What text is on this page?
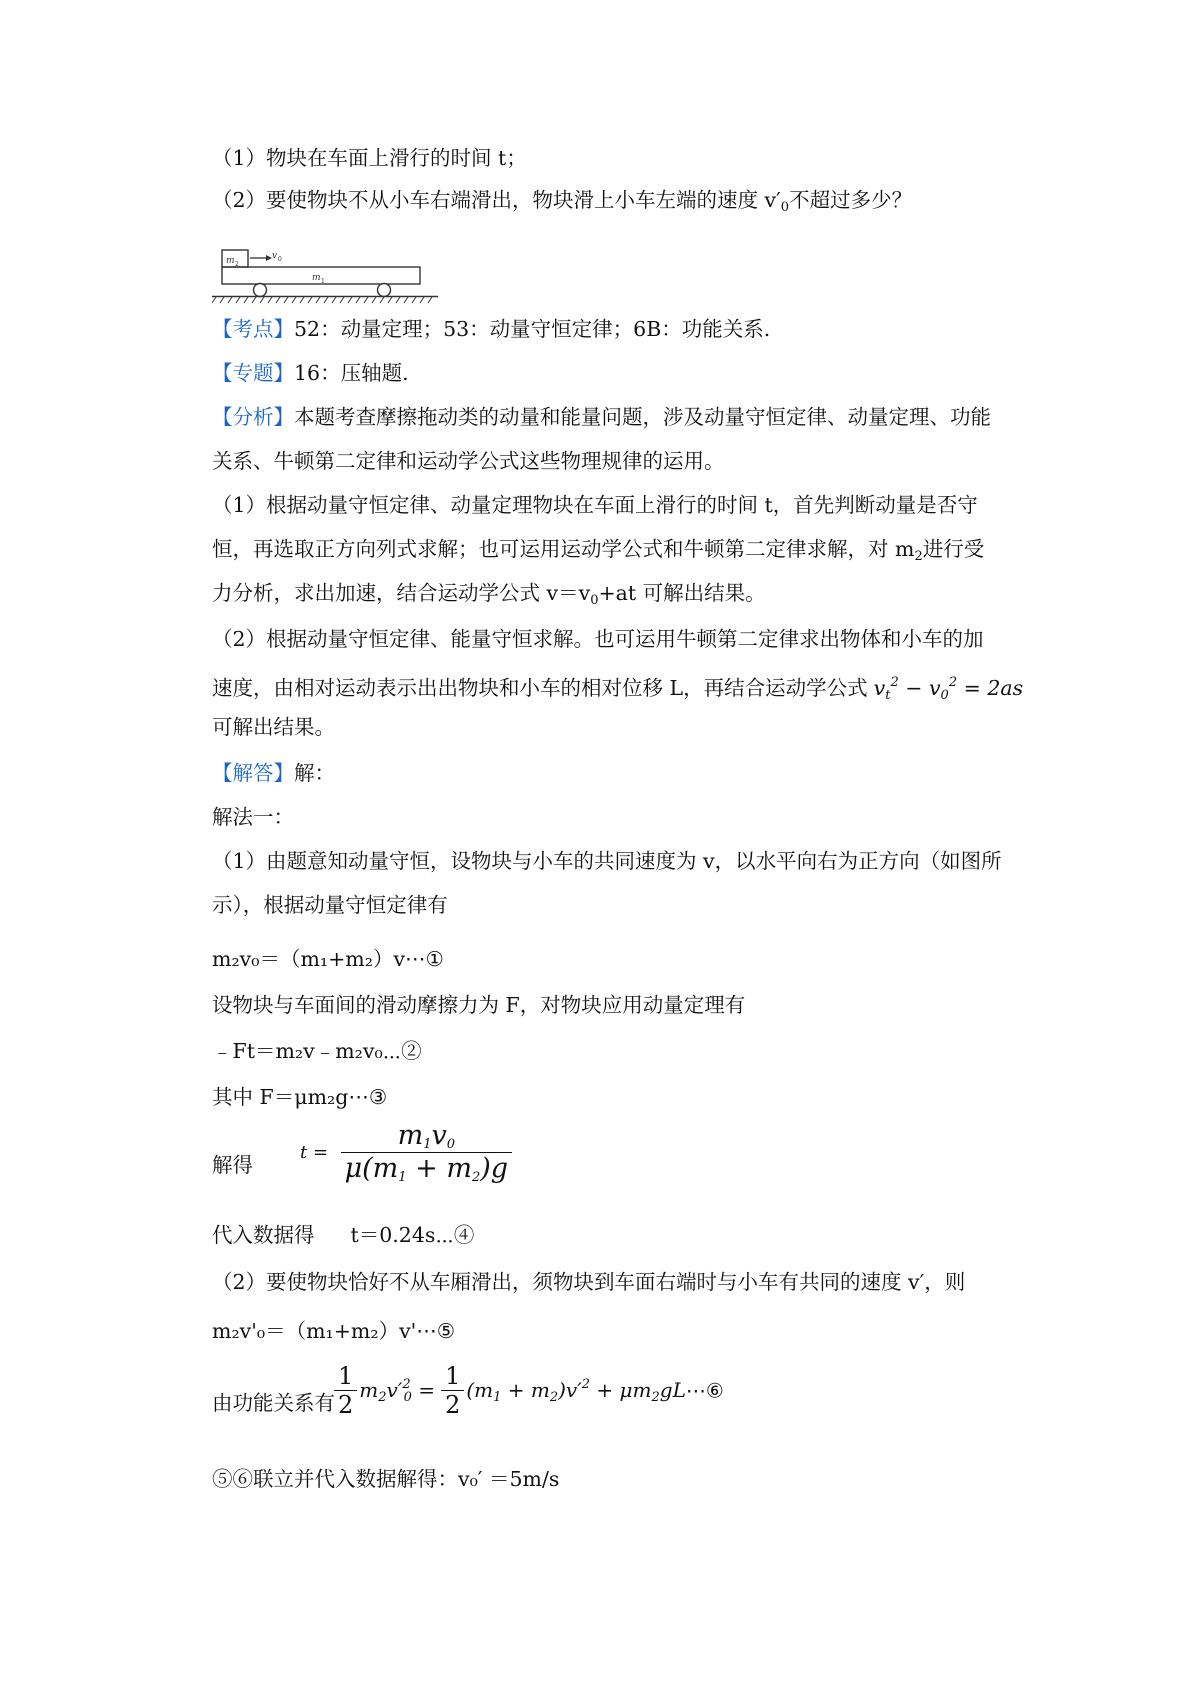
（1）物块在车面上滑行的时间 t；
（2）要使物块不从小车右端滑出，物块滑上小车左端的速度 $v'_0$不超过多少？
m 2
v 0
m 1
【考点】52：动量定理；53：动量守恒定律；6B：功能关系.
【专题】16：压轴题.
【分析】本题考查摩擦拖动类的动量和能量问题，涉及动量守恒定律、动量定理、功能
关系、牛顿第二定律和运动学公式这些物理规律的运用。
（1）根据动量守恒定律、动量定理物块在车面上滑行的时间 t，首先判断动量是否守
恒，再选取正方向列式求解；也可运用运动学公式和牛顿第二定律求解，对 $m_2$进行受
力分析，求出加速，结合运动学公式 $v=v_0+at$ 可解出结果。
（2）根据动量守恒定律、能量守恒求解。也可运用牛顿第二定律求出物体和小车的加
速度，由相对运动表示出出物块和小车的相对位移 L，再结合运动学公式 $v_t^2 - v_0^2 = 2as$
可解出结果。
【解答】解：
解法一：
（1）由题意知动量守恒，设物块与小车的共同速度为 v，以水平向右为正方向（如图所
示），根据动量守恒定律有
m₂v₀＝（m₁+m₂）v⋯①
设物块与车面间的滑动摩擦力为 F，对物块应用动量定理有
﹣Ft＝m₂v﹣m₂v₀⋯②
其中 F＝μm₂g⋯③
解得
$t = \frac{m_1v_0}{\mu(m_1 + m_2)g}$
代入数据得 t＝0.24s⋯④
（2）要使物块恰好不从车厢滑出，须物块到车面右端时与小车有共同的速度 v′，则
m₂v'₀＝（m₁+m₂）v'⋯⑤
由功能关系有 $\frac{1}{2} m_2v'^2_0 = \frac{1}{2} (m_1 + m_2)v'^2$ + $\mu m_2gL\cdots ⑥$
⑤⑥联立并代入数据解得：v₀′ ＝5m/s
